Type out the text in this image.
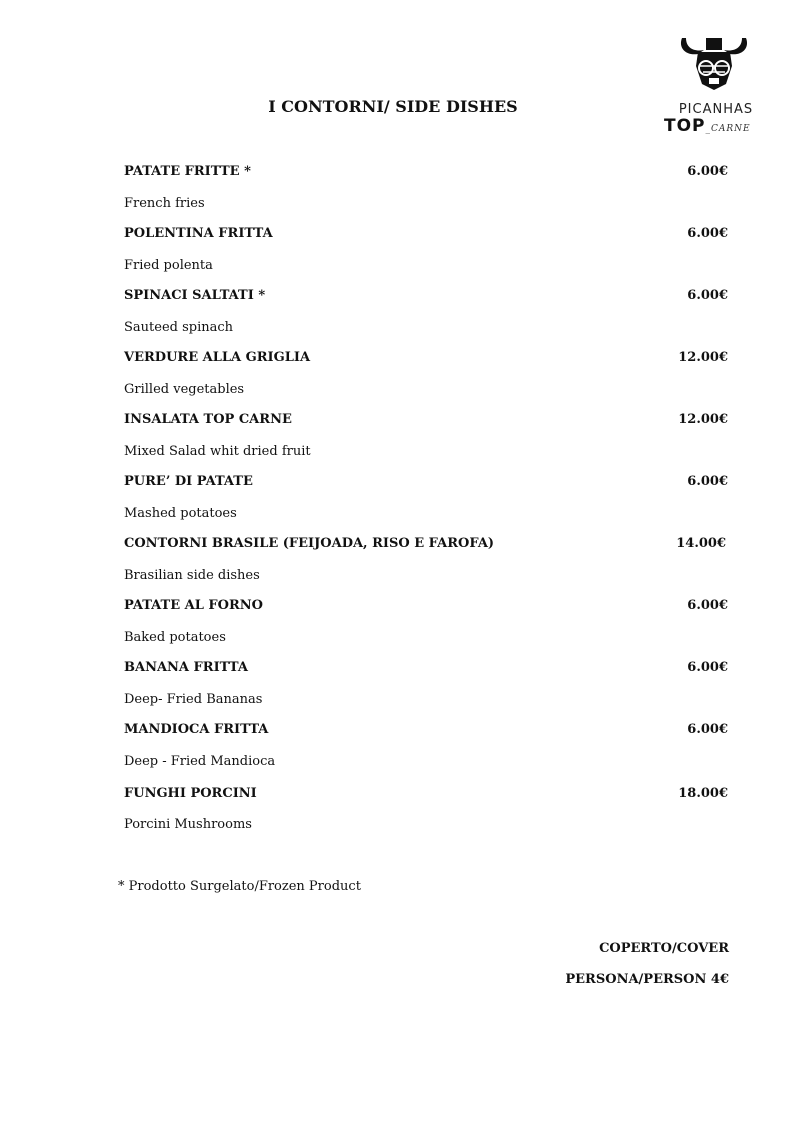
PICANHAS
TOP_CARNE
I CONTORNI/ SIDE DISHES
PATATE FRITTE *	6.00€
French fries
POLENTINA FRITTA	6.00€
Fried polenta
SPINACI SALTATI *	6.00€
Sauteed spinach
VERDURE ALLA GRIGLIA	12.00€
Grilled vegetables
INSALATA TOP CARNE	12.00€
Mixed Salad whit dried fruit
PURE’ DI PATATE	6.00€
Mashed potatoes
CONTORNI BRASILE (FEIJOADA, RISO E FAROFA)	14.00€
Brasilian side dishes
PATATE AL FORNO	6.00€
Baked potatoes
BANANA FRITTA	6.00€
Deep- Fried Bananas
MANDIOCA FRITTA	6.00€
Deep - Fried Mandioca
FUNGHI PORCINI	18.00€
Porcini Mushrooms
* Prodotto Surgelato/Frozen Product
COPERTO/COVER
PERSONA/PERSON 4€
